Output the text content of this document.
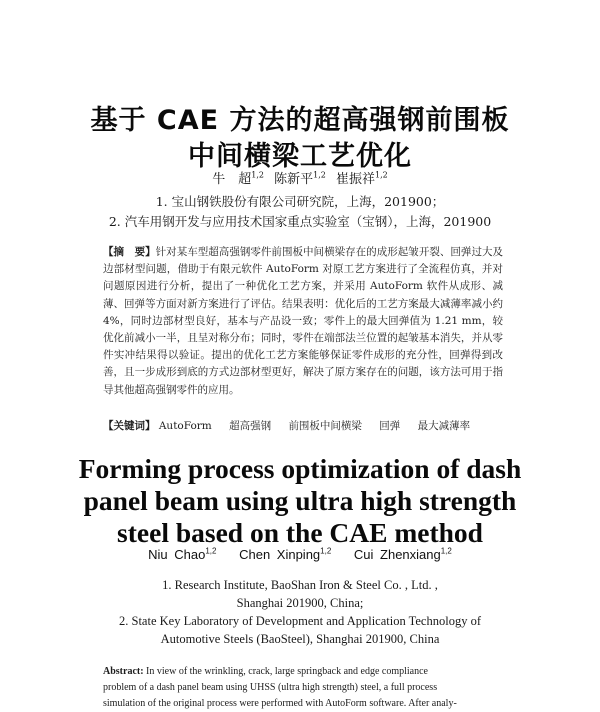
基于 CAE 方法的超高强钢前围板
中间横梁工艺优化
牛　超$^{1,2}$ 陈新平$^{1,2}$ 崔振祥$^{1,2}$
1. 宝山钢铁股份有限公司研究院，上海，201900；
2. 汽车用钢开发与应用技术国家重点实验室（宝钢），上海，201900
【摘　要】针对某车型超高强钢零件前围板中间横梁存在的成形起皱开裂、回弹过大及边部材型问题，借助于有限元软件 AutoForm 对原工艺方案进行了全流程仿真，并对问题原因进行分析，提出了一种优化工艺方案，并采用 AutoForm 软件从成形、减薄、回弹等方面对新方案进行了评估。结果表明：优化后的工艺方案最大减薄率减小约 4%，同时边部材型良好，基本与产品设一致；零件上的最大回弹值为 1.21 mm，较优化前减小一半，且呈对称分布；同时，零件在端部法兰位置的起皱基本消失，并从零件实冲结果得以验证。提出的优化工艺方案能够保证零件成形的充分性，回弹得到改善，且一步成形到底的方式边部材型更好，解决了原方案存在的问题，该方法可用于指导其他超高强钢零件的应用。
【关键词】 AutoForm 超高强钢 前围板中间横梁 回弹 最大减薄率
Forming process optimization of dash
panel beam using ultra high strength
steel based on the CAE method
Niu Chao$^{1,2}$ Chen Xinping$^{1,2}$ Cui Zhenxiang$^{1,2}$
1. Research Institute, BaoShan Iron & Steel Co. , Ltd. ,
Shanghai 201900, China;
2. State Key Laboratory of Development and Application Technology of
Automotive Steels (BaoSteel), Shanghai 201900, China
Abstract: In view of the wrinkling, crack, large springback and edge compliance
problem of a dash panel beam using UHSS (ultra high strength) steel, a full process
simulation of the original process were performed with AutoForm software. After analy-
